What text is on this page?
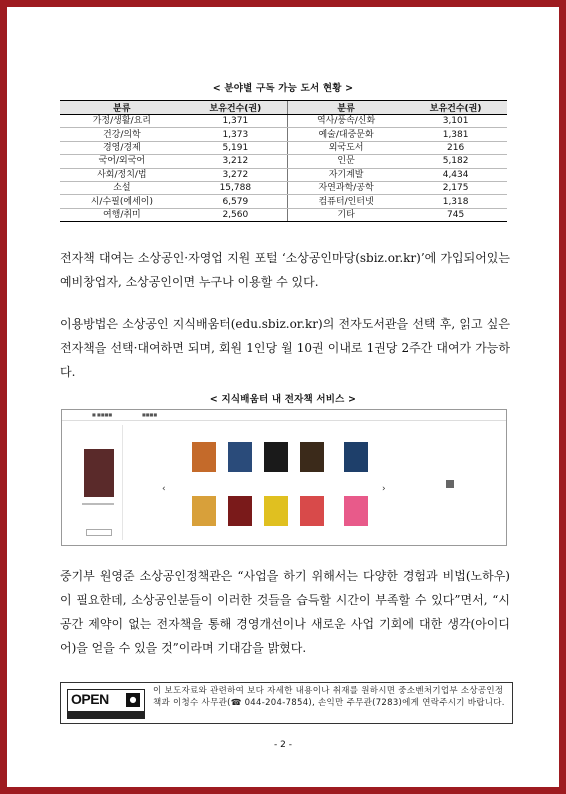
< 분야별 구독 가능 도서 현황 >
분류	보유건수(권)	분류	보유건수(권)
가정/생활/요리	1,371	역사/풍속/신화	3,101
건강/의학	1,373	예술/대중문화	1,381
경영/경제	5,191	외국도서	216
국어/외국어	3,212	인문	5,182
사회/정치/법	3,272	자기계발	4,434
소설	15,788	자연과학/공학	2,175
시/수필(에세이)	6,579	컴퓨터/인터넷	1,318
여행/취미	2,560	기타	745

전자책 대여는 소상공인·자영업 지원 포털 ‘소상공인마당(sbiz.or.kr)’에 가입되어있는 예비창업자, 소상공인이면 누구나 이용할 수 있다.

이용방법은 소상공인 지식배움터(edu.sbiz.or.kr)의 전자도서관을 선택 후, 읽고 싶은 전자책을 선택·대여하면 되며, 회원 1인당 월 10권 이내로 1권당 2주간 대여가 가능하다.

< 지식배움터 내 전자책 서비스 >
■ ■■■■	■■■■
‹	›

중기부 원영준 소상공인정책관은 “사업을 하기 위해서는 다양한 경험과 비법(노하우)이 필요한데, 소상공인분들이 이러한 것들을 습득할 시간이 부족할 수 있다”면서, “시공간 제약이 없는 전자책을 통해 경영개선이나 새로운 사업 기회에 대한 생각(아이디어)을 얻을 수 있을 것”이라며 기대감을 밝혔다.

OPEN	●
이 보도자료와 관련하여 보다 자세한 내용이나 취재를 원하시면 중소벤처기업부 소상공인정책과 이청수 사무관(☎ 044-204-7854), 손익만 주무관(7283)에게 연락주시기 바랍니다.
- 2 -
